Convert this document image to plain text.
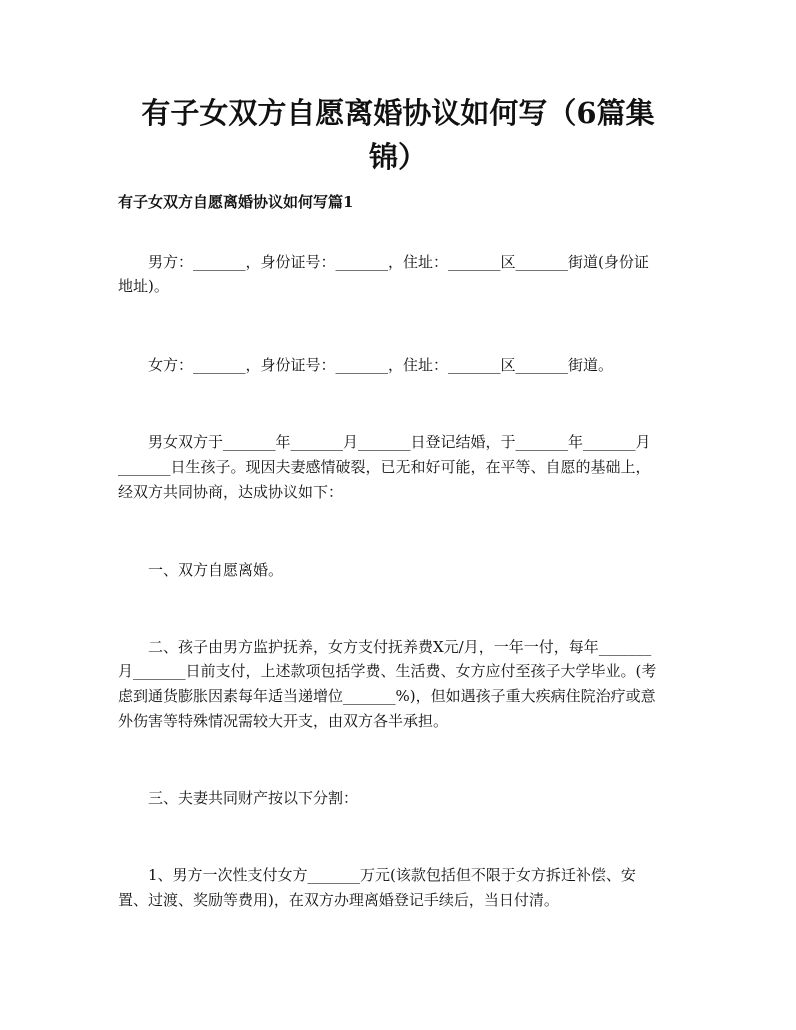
有子女双方自愿离婚协议如何写（6篇集
锦）
有子女双方自愿离婚协议如何写篇1

男方：_______，身份证号：_______，住址：_______区_______街道(身份证

地址)。

女方：_______，身份证号：_______，住址：_______区_______街道。

男女双方于_______年_______月_______日登记结婚，于_______年_______月

_______日生孩子。现因夫妻感情破裂，已无和好可能，在平等、自愿的基础上，

经双方共同协商，达成协议如下：

一、双方自愿离婚。

二、孩子由男方监护抚养，女方支付抚养费X元/月，一年一付，每年_______

月_______日前支付，上述款项包括学费、生活费、女方应付至孩子大学毕业。(考

虑到通货膨胀因素每年适当递增位_______%)，但如遇孩子重大疾病住院治疗或意

外伤害等特殊情况需较大开支，由双方各半承担。

三、夫妻共同财产按以下分割：

1、男方一次性支付女方_______万元(该款包括但不限于女方拆迁补偿、安

置、过渡、奖励等费用)，在双方办理离婚登记手续后，当日付清。
